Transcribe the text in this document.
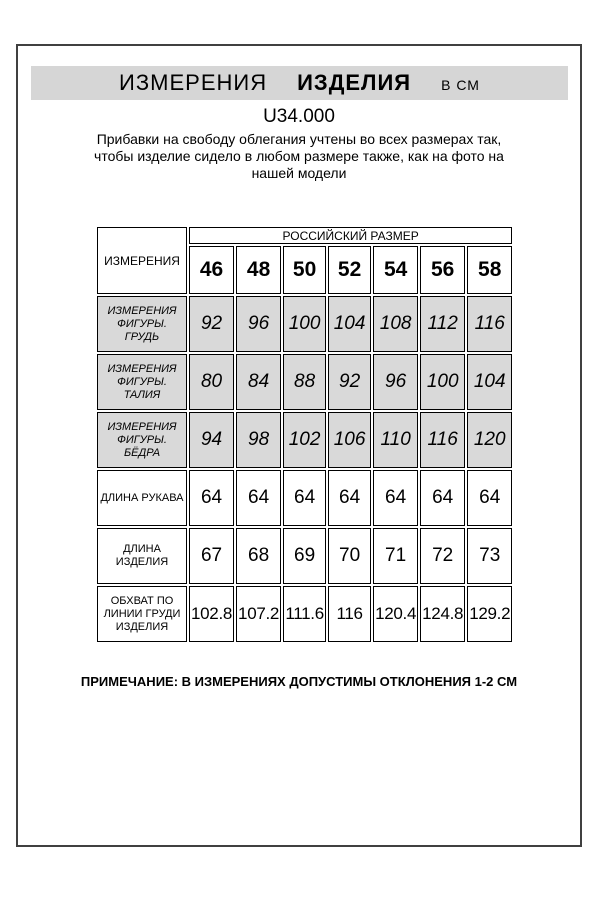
ИЗМЕРЕНИЯ ИЗДЕЛИЯ В СМ
U34.000
Прибавки на свободу облегания учтены во всех размерах так, чтобы изделие сидело в любом размере также, как на фото на нашей модели
ИЗМЕРЕНИЯ	РОССИЙСКИЙ РАЗМЕР						
	46	48	50	52	54	56	58
ИЗМЕРЕНИЯ ФИГУРЫ. ГРУДЬ	92	96	100	104	108	112	116
ИЗМЕРЕНИЯ ФИГУРЫ. ТАЛИЯ	80	84	88	92	96	100	104
ИЗМЕРЕНИЯ ФИГУРЫ. БЁДРА	94	98	102	106	110	116	120
ДЛИНА РУКАВА	64	64	64	64	64	64	64
ДЛИНА ИЗДЕЛИЯ	67	68	69	70	71	72	73
ОБХВАТ ПО ЛИНИИ ГРУДИ ИЗДЕЛИЯ	102.8	107.2	111.6	116	120.4	124.8	129.2
ПРИМЕЧАНИЕ: В ИЗМЕРЕНИЯХ ДОПУСТИМЫ ОТКЛОНЕНИЯ 1-2 СМ
